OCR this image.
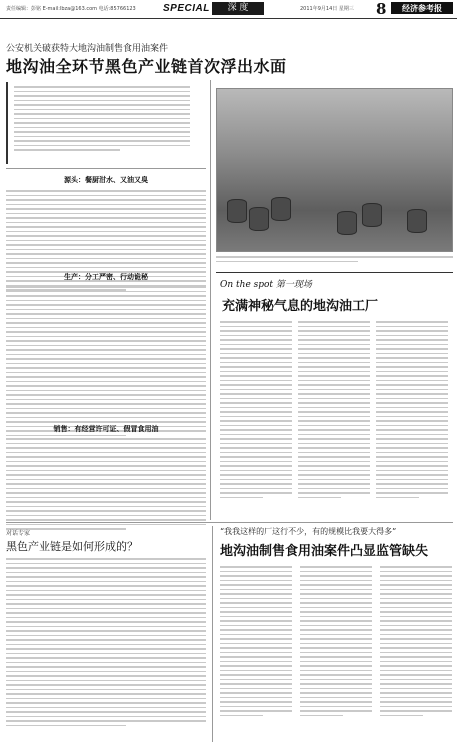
责任编辑：彭铭 E-mail:lbza@163.com 电话:85766123	SPECIAL	深 度	2011年9月14日 星期三 8	经济参考报
公安机关破获特大地沟油制售食用油案件
地沟油全环节黑色产业链首次浮出水面
源头：餐厨泔水、又油又臭
生产：分工严密、行动诡秘
销售：有经营许可证、假冒食用油
On the spot 第一现场
充满神秘气息的地沟油工厂
对话专家
黑色产业链是如何形成的？
“我我这样的厂这行不少，有的规模比我要大得多”
地沟油制售食用油案件凸显监管缺失
